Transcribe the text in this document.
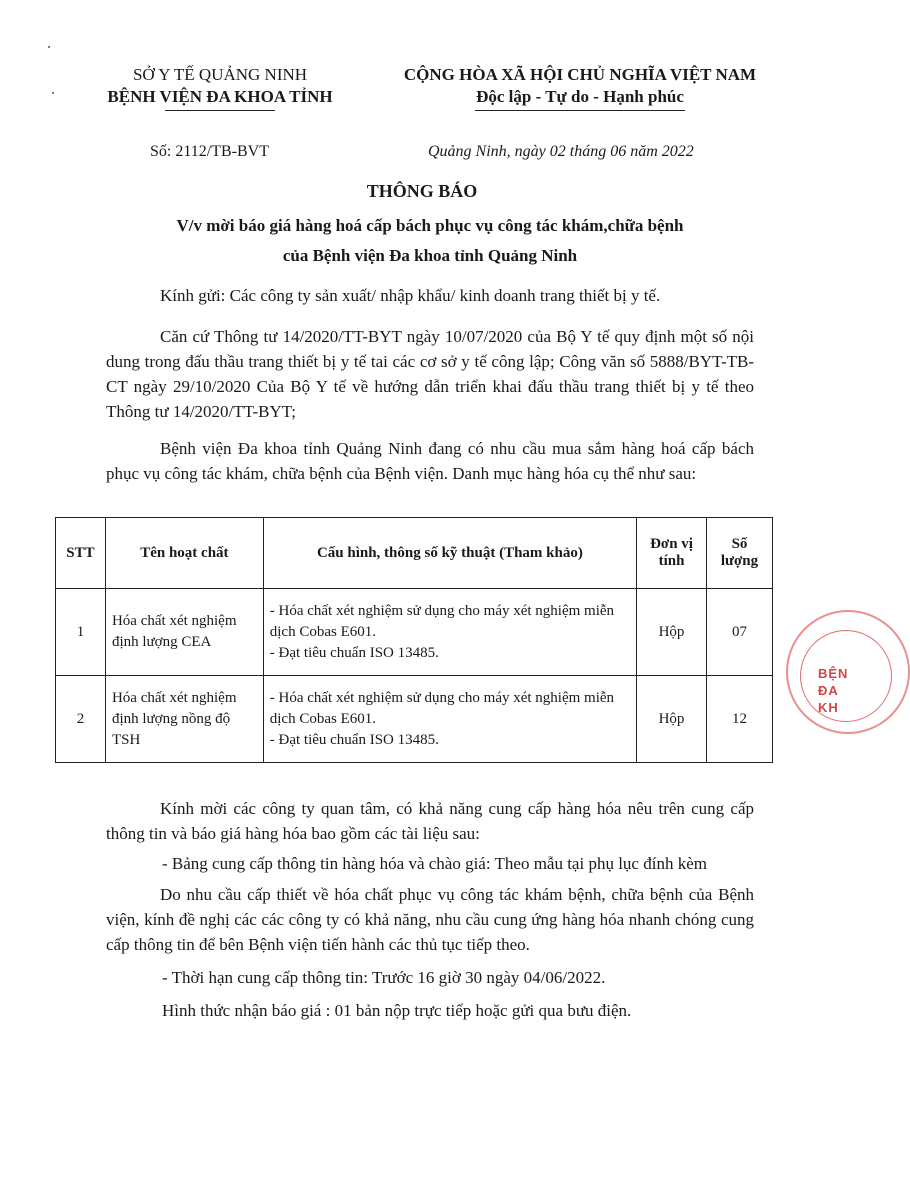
SỞ Y TẾ QUẢNG NINH
BỆNH VIỆN ĐA KHOA TỈNH
CỘNG HÒA XÃ HỘI CHỦ NGHĨA VIỆT NAM
Độc lập - Tự do - Hạnh phúc
Số: 2112/TB-BVT	Quảng Ninh, ngày 02 tháng 06 năm 2022
THÔNG BÁO
V/v mời báo giá hàng hoá cấp bách phục vụ công tác khám,chữa bệnh
của Bệnh viện Đa khoa tỉnh Quảng Ninh
Kính gửi: Các công ty sản xuất/ nhập khẩu/ kinh doanh trang thiết bị y tế.
Căn cứ Thông tư 14/2020/TT-BYT ngày 10/07/2020 của Bộ Y tế quy định một số nội dung trong đấu thầu trang thiết bị y tế tai các cơ sở y tế công lập; Công văn số 5888/BYT-TB-CT ngày 29/10/2020 Của Bộ Y tế về hướng dẫn triển khai đấu thầu trang thiết bị y tế theo Thông tư 14/2020/TT-BYT;
Bệnh viện Đa khoa tỉnh Quảng Ninh đang có nhu cầu mua sắm hàng hoá cấp bách phục vụ công tác khám, chữa bệnh của Bệnh viện. Danh mục hàng hóa cụ thể như sau:
STT	Tên hoạt chất	Cấu hình, thông số kỹ thuật (Tham khảo)	Đơn vị tính	Số lượng
1	Hóa chất xét nghiệm định lượng CEA	- Hóa chất xét nghiệm sử dụng cho máy xét nghiệm miễn dịch Cobas E601.
- Đạt tiêu chuẩn ISO 13485.	Hộp	07
2	Hóa chất xét nghiệm định lượng nồng độ TSH	- Hóa chất xét nghiệm sử dụng cho máy xét nghiệm miễn dịch Cobas E601.
- Đạt tiêu chuẩn ISO 13485.	Hộp	12
Kính mời các công ty quan tâm, có khả năng cung cấp hàng hóa nêu trên cung cấp thông tin và báo giá hàng hóa bao gồm các tài liệu sau:
- Bảng cung cấp thông tin hàng hóa và chào giá: Theo mẫu tại phụ lục đính kèm
Do nhu cầu cấp thiết về hóa chất phục vụ công tác khám bệnh, chữa bệnh của Bệnh viện, kính đề nghị các các công ty có khả năng, nhu cầu cung ứng hàng hóa nhanh chóng cung cấp thông tin để bên Bệnh viện tiến hành các thủ tục tiếp theo.
- Thời hạn cung cấp thông tin: Trước 16 giờ 30 ngày 04/06/2022.
Hình thức nhận báo giá : 01 bản nộp trực tiếp hoặc gửi qua bưu điện.
BỆN
ĐA KH
